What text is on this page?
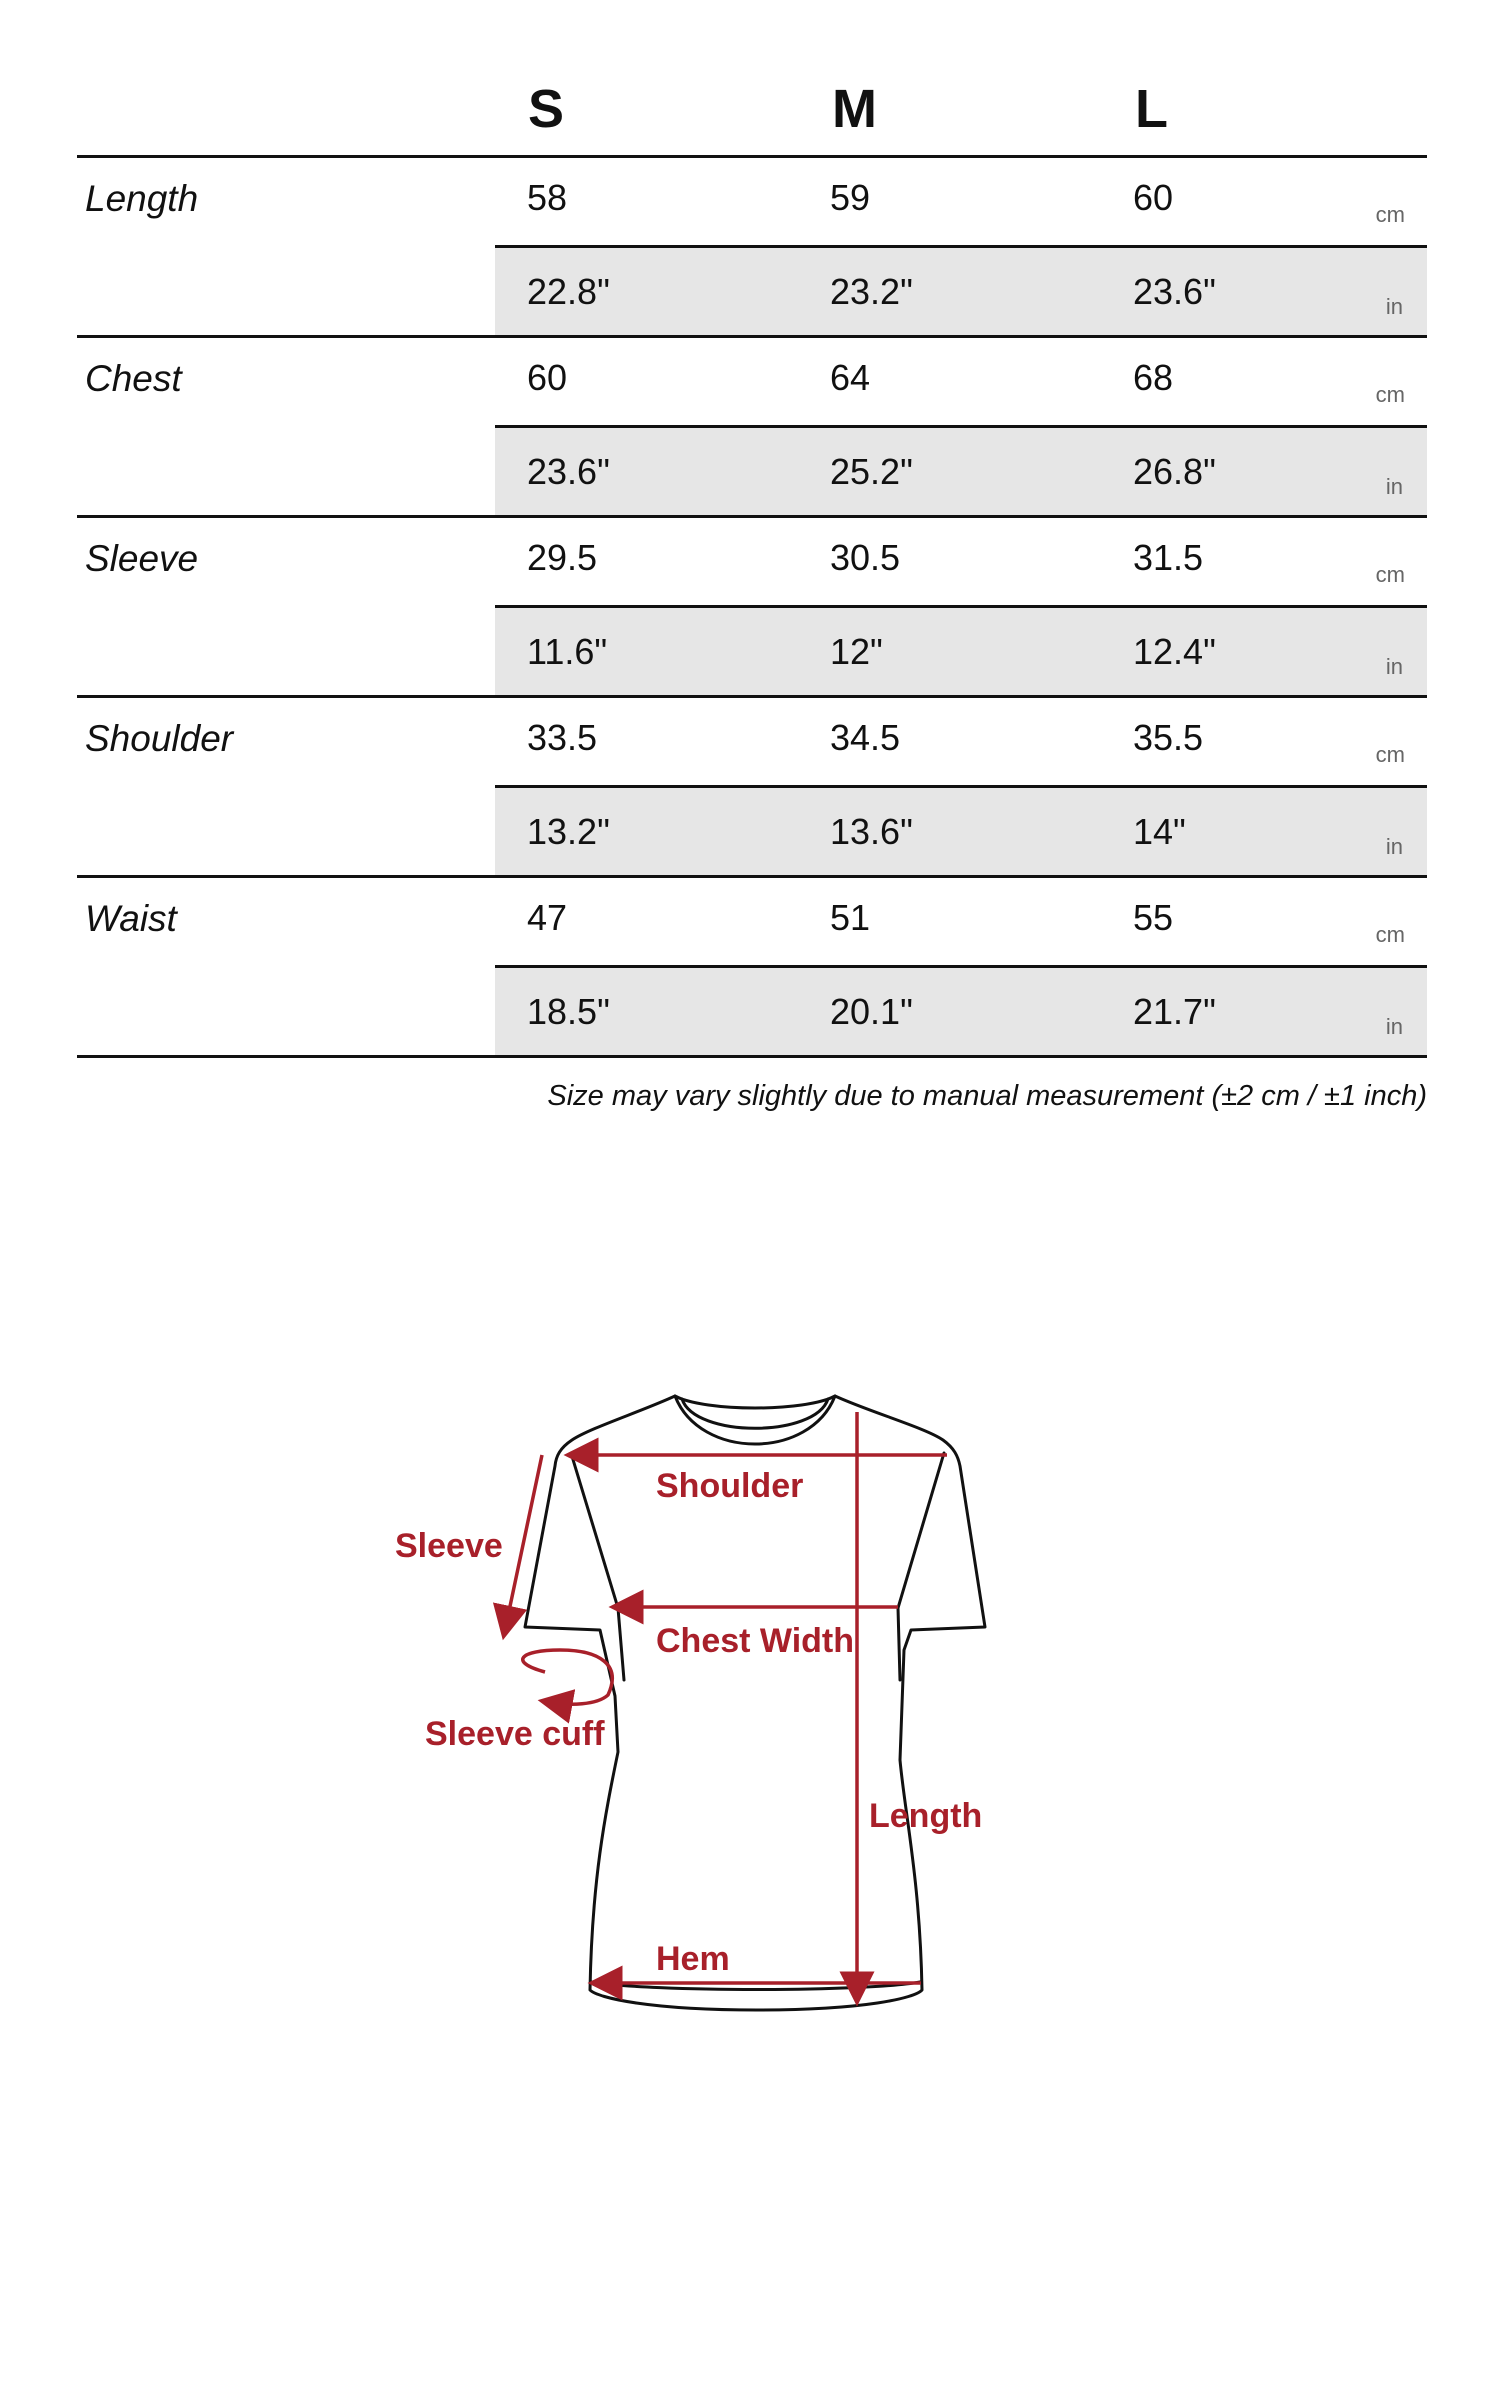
S	M	L
Length	58	59	60	cm
22.8"	23.2"	23.6"	in
Chest	60	64	68	cm
23.6"	25.2"	26.8"	in
Sleeve	29.5	30.5	31.5	cm
11.6"	12"	12.4"	in
Shoulder	33.5	34.5	35.5	cm
13.2"	13.6"	14"	in
Waist	47	51	55	cm
18.5"	20.1"	21.7"	in
Size may vary slightly due to manual measurement (±2 cm / ±1 inch)
Sleeve
Shoulder
Chest Width
Sleeve cuff
Length
Hem
